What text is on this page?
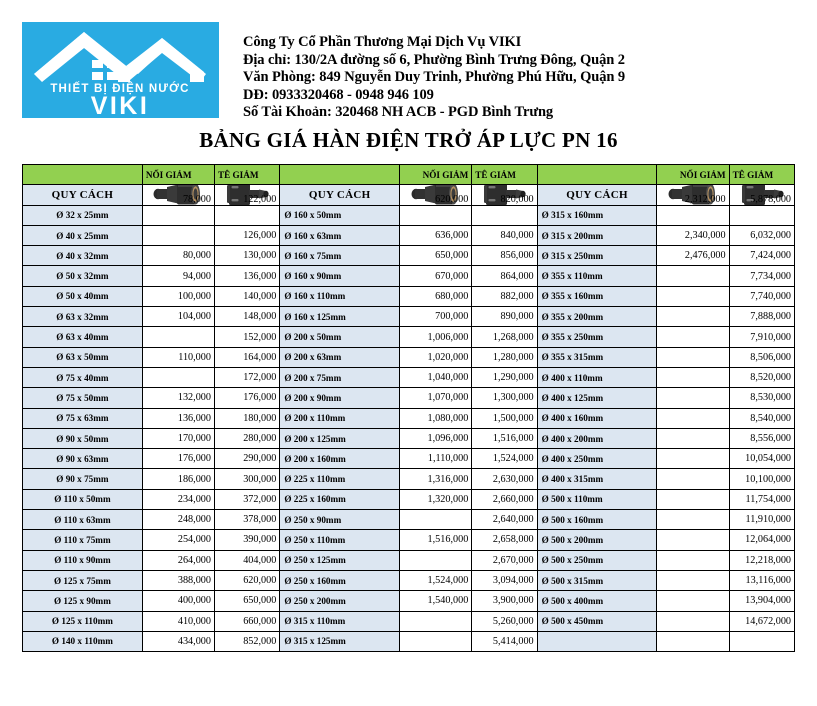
THIẾT BỊ ĐIỆN NƯỚC
VIKI
Công Ty Cổ Phần Thương Mại Dịch Vụ VIKI
Địa chỉ: 130/2A đường số 6, Phường Bình Trưng Đông, Quận 2
Văn Phòng: 849 Nguyễn Duy Trinh, Phường Phú Hữu, Quận 9
DĐ: 0933320468 - 0948 946 109
Số Tài Khoản: 320468 NH ACB - PGD Bình Trưng
BẢNG GIÁ HÀN ĐIỆN TRỞ ÁP LỰC PN 16
	NỐI GIẢM	TÊ GIẢM		NỐI GIẢM	TÊ GIẢM		NỐI GIẢM	TÊ GIẢM
QUY CÁCH	78,000	122,000	QUY CÁCH	620,000	820,000	QUY CÁCH	2,312,000	5,878,000

Ø 32 x 25mm			Ø 160 x 50mm			Ø 315 x 160mm		
Ø 40 x 25mm		126,000	Ø 160 x 63mm	636,000	840,000	Ø 315 x 200mm	2,340,000	6,032,000
Ø 40 x 32mm	80,000	130,000	Ø 160 x 75mm	650,000	856,000	Ø 315 x 250mm	2,476,000	7,424,000
Ø 50 x 32mm	94,000	136,000	Ø 160 x 90mm	670,000	864,000	Ø 355 x 110mm		7,734,000
Ø 50 x 40mm	100,000	140,000	Ø 160 x 110mm	680,000	882,000	Ø 355 x 160mm		7,740,000
Ø 63 x 32mm	104,000	148,000	Ø 160 x 125mm	700,000	890,000	Ø 355 x 200mm		7,888,000
Ø 63 x 40mm		152,000	Ø 200 x 50mm	1,006,000	1,268,000	Ø 355 x 250mm		7,910,000
Ø 63 x 50mm	110,000	164,000	Ø 200 x 63mm	1,020,000	1,280,000	Ø 355 x 315mm		8,506,000
Ø 75 x 40mm		172,000	Ø 200 x 75mm	1,040,000	1,290,000	Ø 400 x 110mm		8,520,000
Ø 75 x 50mm	132,000	176,000	Ø 200 x 90mm	1,070,000	1,300,000	Ø 400 x 125mm		8,530,000
Ø 75 x 63mm	136,000	180,000	Ø 200 x 110mm	1,080,000	1,500,000	Ø 400 x 160mm		8,540,000
Ø 90 x 50mm	170,000	280,000	Ø 200 x 125mm	1,096,000	1,516,000	Ø 400 x 200mm		8,556,000
Ø 90 x 63mm	176,000	290,000	Ø 200 x 160mm	1,110,000	1,524,000	Ø 400 x 250mm		10,054,000
Ø 90 x 75mm	186,000	300,000	Ø 225 x 110mm	1,316,000	2,630,000	Ø 400 x 315mm		10,100,000
Ø 110 x 50mm	234,000	372,000	Ø 225 x 160mm	1,320,000	2,660,000	Ø 500 x 110mm		11,754,000
Ø 110 x 63mm	248,000	378,000	Ø 250 x 90mm		2,640,000	Ø 500 x 160mm		11,910,000
Ø 110 x 75mm	254,000	390,000	Ø 250 x 110mm	1,516,000	2,658,000	Ø 500 x 200mm		12,064,000
Ø 110 x 90mm	264,000	404,000	Ø 250 x 125mm		2,670,000	Ø 500 x 250mm		12,218,000
Ø 125 x 75mm	388,000	620,000	Ø 250 x 160mm	1,524,000	3,094,000	Ø 500 x 315mm		13,116,000
Ø 125 x 90mm	400,000	650,000	Ø 250 x 200mm	1,540,000	3,900,000	Ø 500 x 400mm		13,904,000
Ø 125 x 110mm	410,000	660,000	Ø 315 x 110mm		5,260,000	Ø 500 x 450mm		14,672,000
Ø 140 x 110mm	434,000	852,000	Ø 315 x 125mm		5,414,000			
